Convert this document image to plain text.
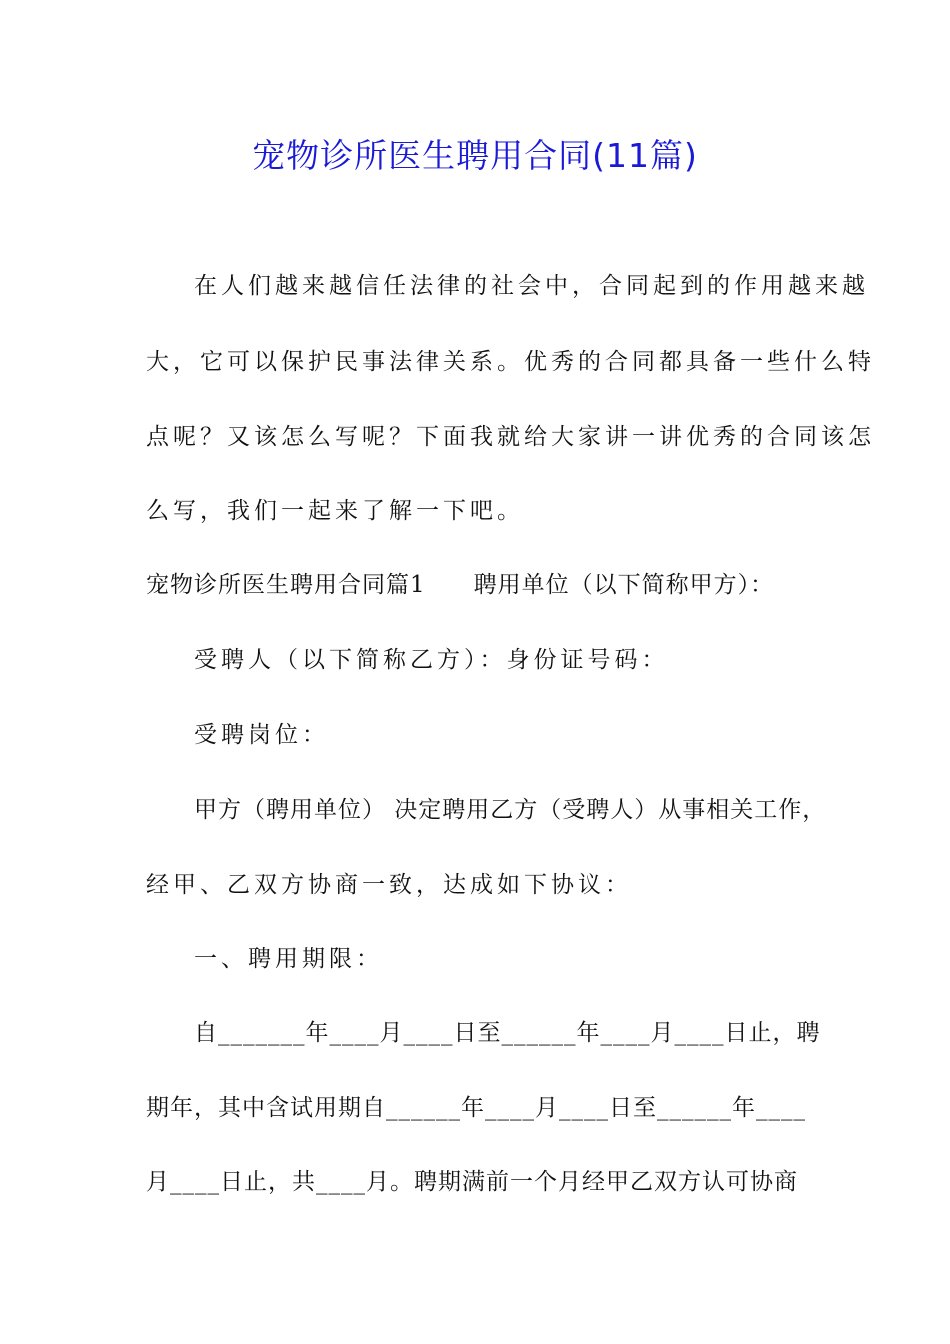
宠物诊所医生聘用合同(11篇)
在人们越来越信任法律的社会中，合同起到的作用越来越
大，它可以保护民事法律关系。优秀的合同都具备一些什么特
点呢？又该怎么写呢？下面我就给大家讲一讲优秀的合同该怎
么写，我们一起来了解一下吧。
宠物诊所医生聘用合同篇1　　聘用单位（以下简称甲方）：
受聘人（以下简称乙方）：身份证号码：
受聘岗位：
甲方（聘用单位） 决定聘用乙方（受聘人）从事相关工作，
经甲、乙双方协商一致，达成如下协议：
一、聘用期限：
自_______年____月____日至______年____月____日止，聘
期年，其中含试用期自______年____月____日至______年____
月____日止，共____月。聘期满前一个月经甲乙双方认可协商
